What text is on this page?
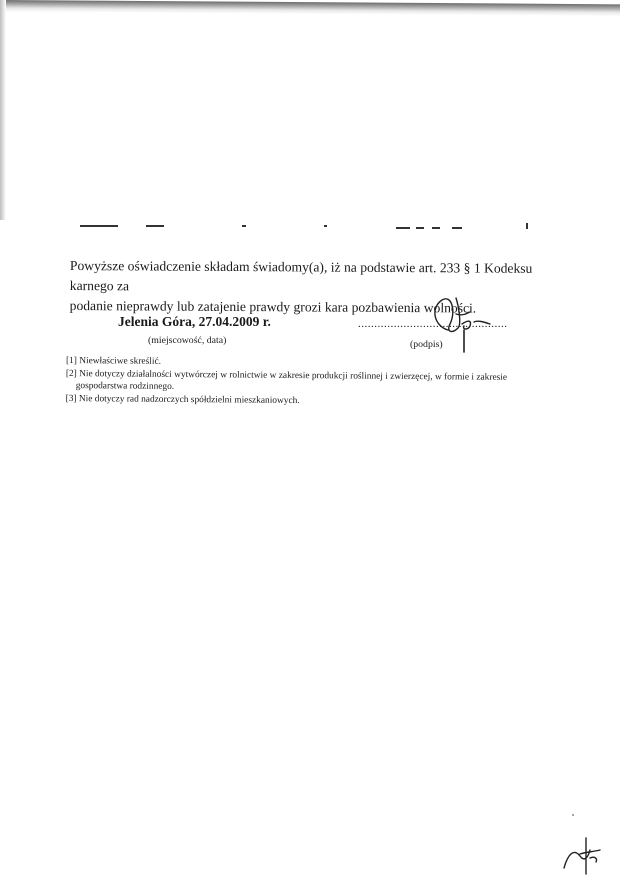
Powyższe oświadczenie składam świadomy(a), iż na podstawie art. 233 § 1 Kodeksu karnego za

podanie nieprawdy lub zatajenie prawdy grozi kara pozbawienia wolności.

Jelenia Góra, 27.04.2009 r.
(miejscowość, data)
..............................................
(podpis)
[1] Niewłaściwe skreślić.
[2] Nie dotyczy działalności wytwórczej w rolnictwie w zakresie produkcji roślinnej i zwierzęcej, w formie i zakresie
gospodarstwa rodzinnego.
[3] Nie dotyczy rad nadzorczych spółdzielni mieszkaniowych.
